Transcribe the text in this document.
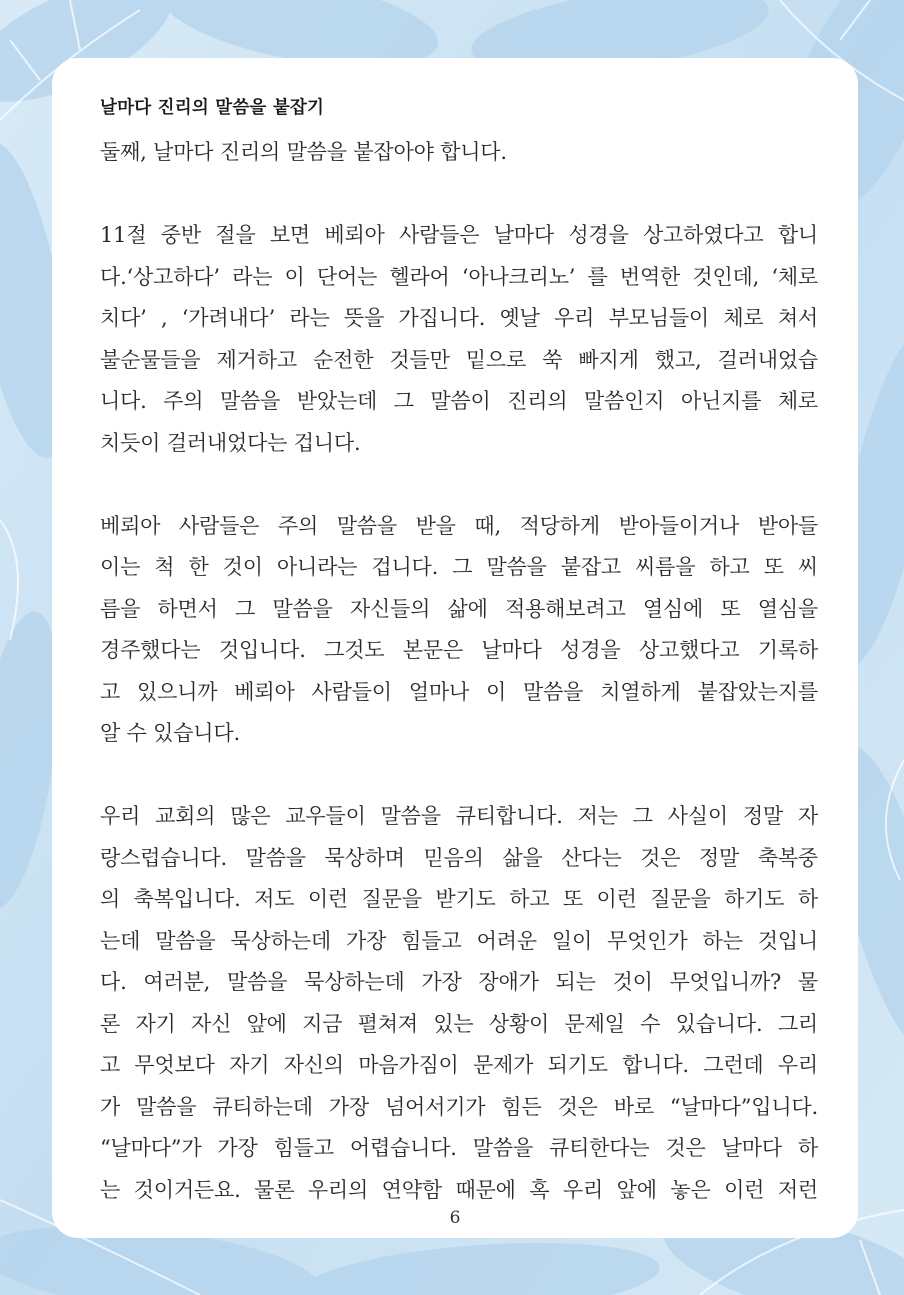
날마다 진리의 말씀을 붙잡기
둘째, 날마다 진리의 말씀을 붙잡아야 합니다.
11절 중반 절을 보면 베뢰아 사람들은 날마다 성경을 상고하였다고 합니
다.‘상고하다’ 라는 이 단어는 헬라어 ‘아나크리노’ 를 번역한 것인데, ‘체로
치다’ , ‘가려내다’ 라는 뜻을 가집니다. 옛날 우리 부모님들이 체로 쳐서
불순물들을 제거하고 순전한 것들만 밑으로 쑥 빠지게 했고, 걸러내었습
니다. 주의 말씀을 받았는데 그 말씀이 진리의 말씀인지 아닌지를 체로
치듯이 걸러내었다는 겁니다.
베뢰아 사람들은 주의 말씀을 받을 때, 적당하게 받아들이거나 받아들
이는 척 한 것이 아니라는 겁니다. 그 말씀을 붙잡고 씨름을 하고 또 씨
름을 하면서 그 말씀을 자신들의 삶에 적용해보려고 열심에 또 열심을
경주했다는 것입니다. 그것도 본문은 날마다 성경을 상고했다고 기록하
고 있으니까 베뢰아 사람들이 얼마나 이 말씀을 치열하게 붙잡았는지를
알 수 있습니다.
우리 교회의 많은 교우들이 말씀을 큐티합니다. 저는 그 사실이 정말 자
랑스럽습니다. 말씀을 묵상하며 믿음의 삶을 산다는 것은 정말 축복중
의 축복입니다. 저도 이런 질문을 받기도 하고 또 이런 질문을 하기도 하
는데 말씀을 묵상하는데 가장 힘들고 어려운 일이 무엇인가 하는 것입니
다. 여러분, 말씀을 묵상하는데 가장 장애가 되는 것이 무엇입니까? 물
론 자기 자신 앞에 지금 펼쳐져 있는 상황이 문제일 수 있습니다. 그리
고 무엇보다 자기 자신의 마음가짐이 문제가 되기도 합니다. 그런데 우리
가 말씀을 큐티하는데 가장 넘어서기가 힘든 것은 바로 “날마다”입니다.
“날마다”가 가장 힘들고 어렵습니다. 말씀을 큐티한다는 것은 날마다 하
는 것이거든요. 물론 우리의 연약함 때문에 혹 우리 앞에 놓은 이런 저런
6
